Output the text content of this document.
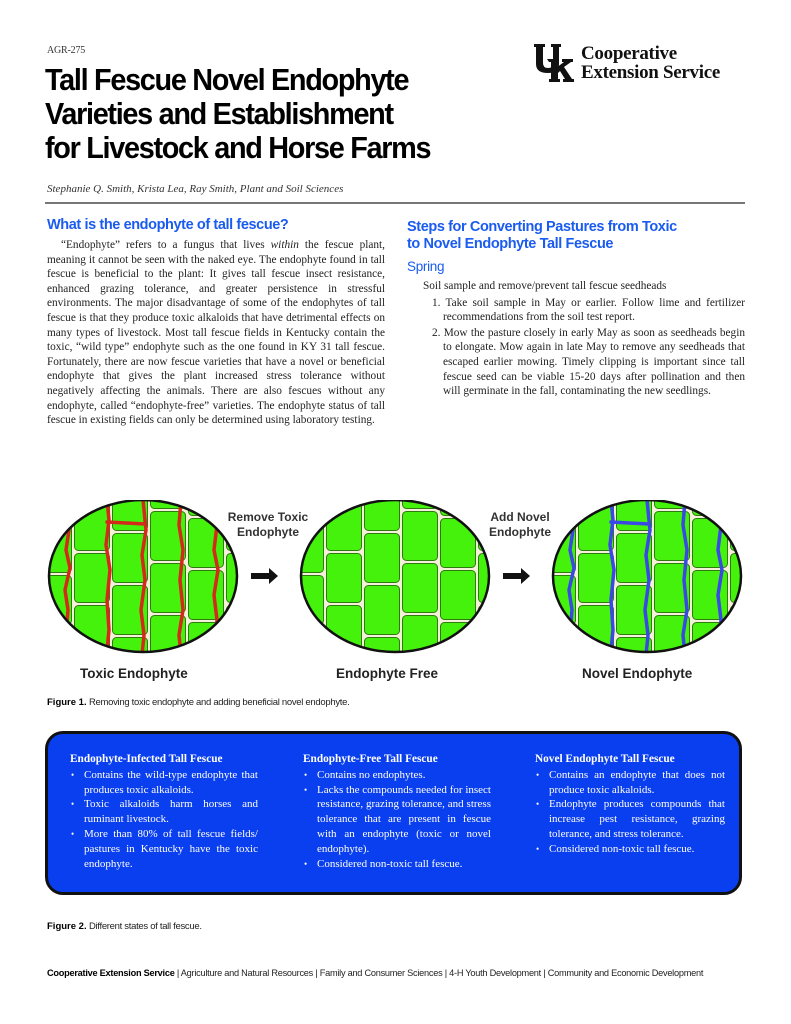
AGR-275
Tall Fescue Novel Endophyte
Varieties and Establishment
for Livestock and Horse Farms
Stephanie Q. Smith, Krista Lea, Ray Smith, Plant and Soil Sciences
Cooperative
Extension Service
What is the endophyte of tall fescue?

“Endophyte” refers to a fungus that lives within the fescue plant, meaning it cannot be seen with the naked eye. The endophyte found in tall fescue is beneficial to the plant: It gives tall fescue insect resistance, enhanced grazing tolerance, and greater persistence in stressful environments. The major disadvantage of some of the endophytes of tall fescue is that they produce toxic alkaloids that have detrimental effects on many types of livestock. Most tall fescue fields in Kentucky contain the toxic, “wild type” endophyte such as the one found in KY 31 tall fescue. Fortunately, there are now fescue varieties that have a novel or beneficial endophyte that gives the plant increased stress tolerance without negatively affecting the animals. There are also fescues without any endophyte, called “endophyte-free” varieties. The endophyte status of tall fescue in existing fields can only be determined using laboratory testing.

Steps for Converting Pastures from Toxic
to Novel Endophyte Tall Fescue
Spring

Soil sample and remove/prevent tall fescue seedheads

1. Take soil sample in May or earlier. Follow lime and fertilizer recommendations from the soil test report.
2. Mow the pasture closely in early May as soon as seedheads begin to elongate. Mow again in late May to remove any seedheads that escaped earlier mowing. Timely clipping is important since tall fescue seed can be viable 15-20 days after pollination and then will germinate in the fall, contaminating the new seedlings.
Remove Toxic
Endophyte
Add Novel
Endophyte
Toxic Endophyte	Endophyte Free	Novel Endophyte
Figure 1. Removing toxic endophyte and adding beneficial novel endophyte.
Endophyte-Infected Tall Fescue
• Contains the wild-type endophyte that produces toxic alkaloids.
• Toxic alkaloids harm horses and ruminant livestock.
• More than 80% of tall fescue fields/ pastures in Kentucky have the toxic endophyte.
Endophyte-Free Tall Fescue
• Contains no endophytes.
• Lacks the compounds needed for insect resistance, grazing tolerance, and stress tolerance that are present in fescue with an endophyte (toxic or novel endophyte).
• Considered non-toxic tall fescue.
Novel Endophyte Tall Fescue
• Contains an endophyte that does not produce toxic alkaloids.
• Endophyte produces compounds that increase pest resistance, grazing tolerance, and stress tolerance.
• Considered non-toxic tall fescue.
Figure 2. Different states of tall fescue.
Cooperative Extension Service | Agriculture and Natural Resources | Family and Consumer Sciences | 4-H Youth Development | Community and Economic Development
